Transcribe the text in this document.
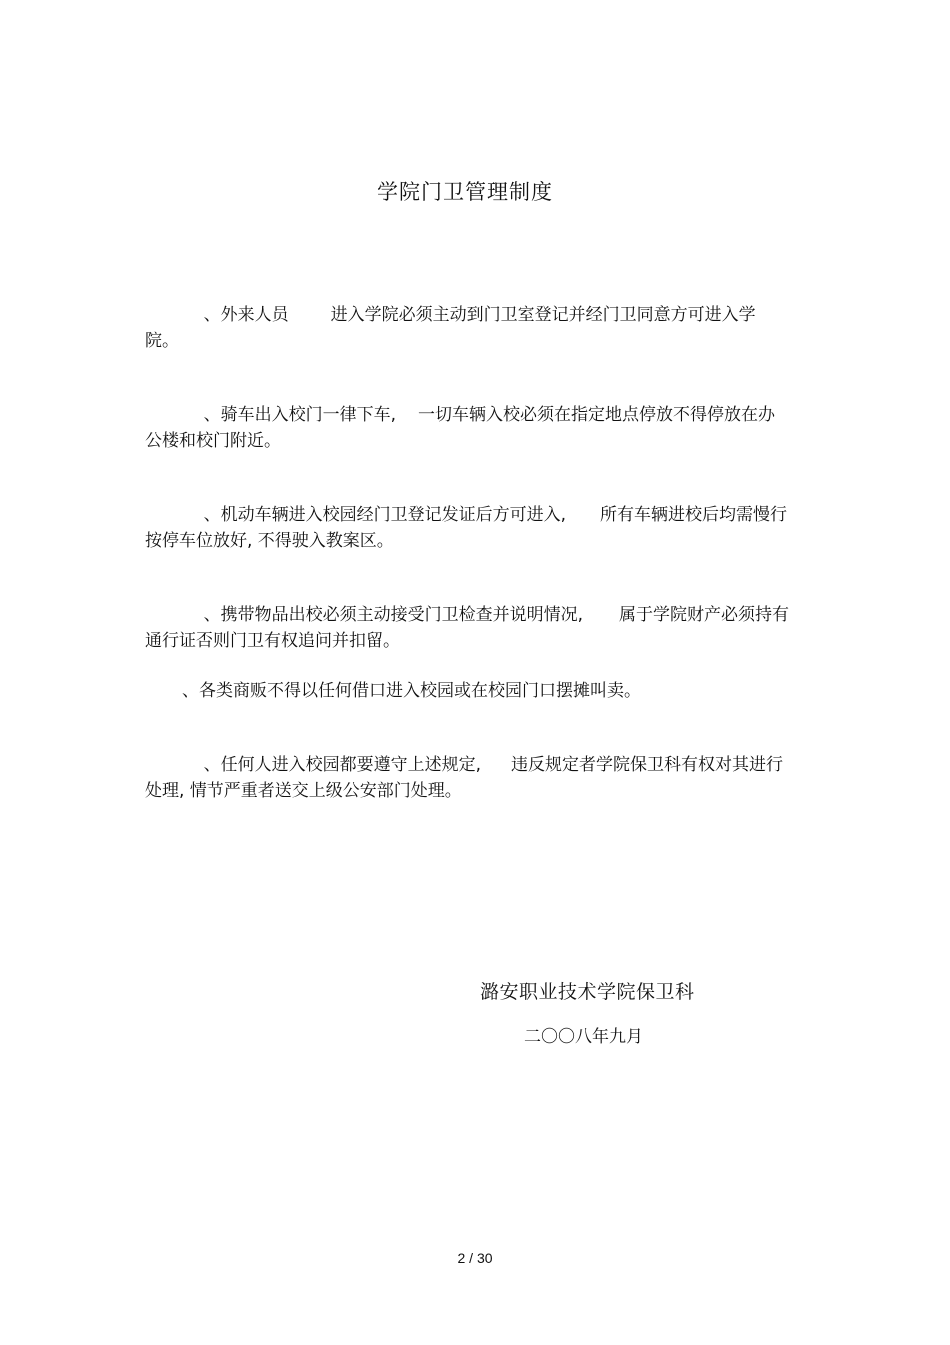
学院门卫管理制度

、外来人员 进入学院必须主动到门卫室登记并经门卫同意方可进入学

院。

、骑车出入校门一律下车, 一切车辆入校必须在指定地点停放不得停放在办

公楼和校门附近。

、机动车辆进入校园经门卫登记发证后方可进入, 所有车辆进校后均需慢行

按停车位放好, 不得驶入教案区。

、携带物品出校必须主动接受门卫检查并说明情况, 属于学院财产必须持有

通行证否则门卫有权追问并扣留。
、各类商贩不得以任何借口进入校园或在校园门口摆摊叫卖。

、任何人进入校园都要遵守上述规定, 违反规定者学院保卫科有权对其进行

处理, 情节严重者送交上级公安部门处理。
潞安职业技术学院保卫科
二〇〇八年九月
2 / 30
